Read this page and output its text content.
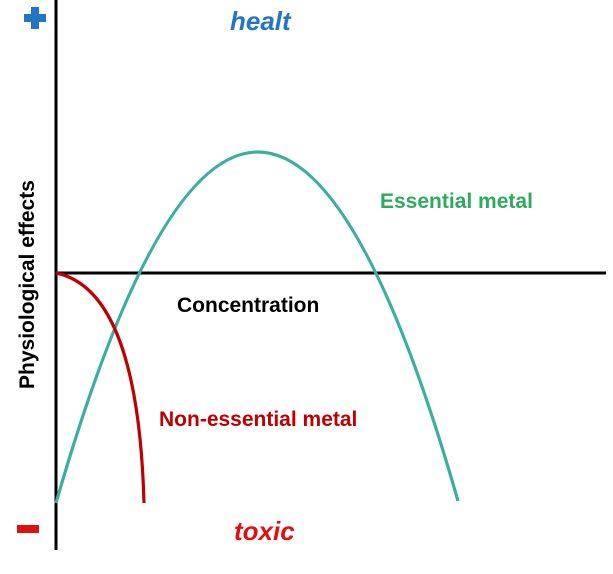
healt
toxic
Concentration
Essential metal
Non-essential metal
Physiological effects
